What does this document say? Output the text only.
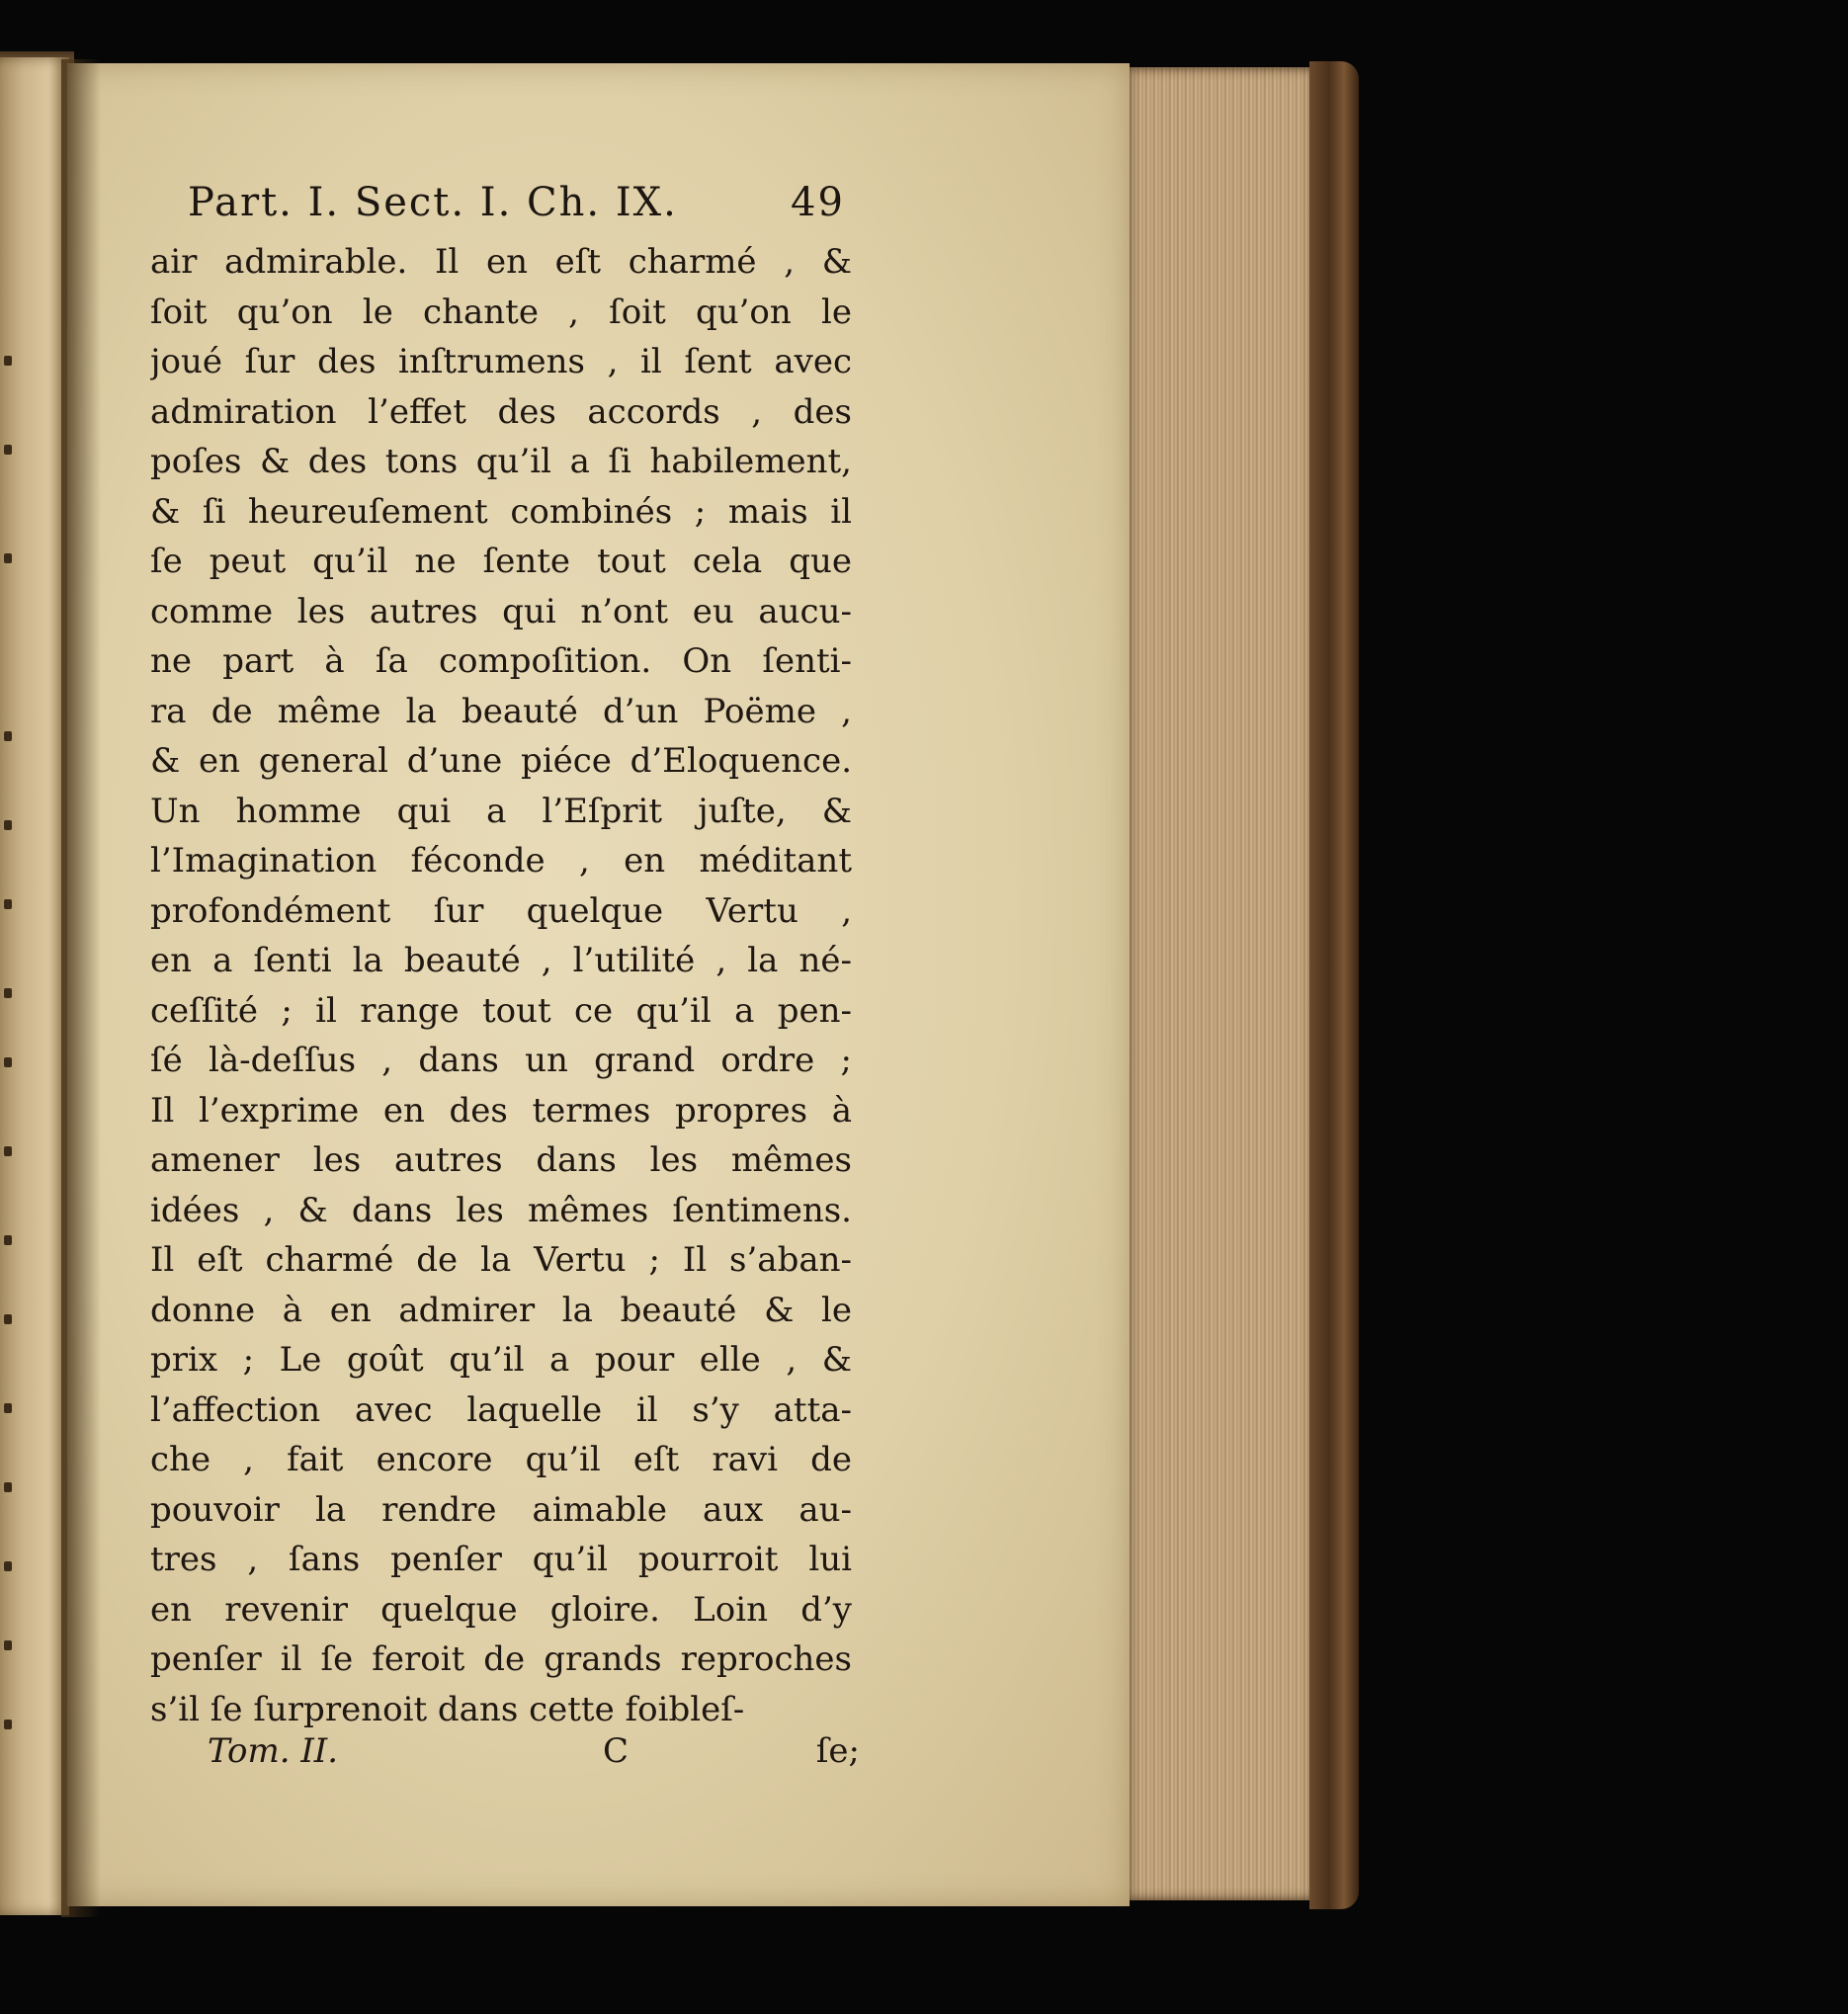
Part. I. Sect. I. Ch. IX.	49
air admirable. Il en eſt charmé , &
ſoit qu’on le chante , ſoit qu’on le
joué ſur des inſtrumens , il ſent avec
admiration l’effet des accords , des
poſes & des tons qu’il a ſi habilement,
& ſi heureuſement combinés ; mais il
ſe peut qu’il ne ſente tout cela que
comme les autres qui n’ont eu aucu-
ne part à ſa compoſition. On ſenti-
ra de même la beauté d’un Poëme ,
& en general d’une piéce d’Eloquence.
Un homme qui a l’Eſprit juſte, &
l’Imagination féconde , en méditant
profondément ſur quelque Vertu ,
en a ſenti la beauté , l’utilité , la né-
ceſſité ; il range tout ce qu’il a pen-
ſé là-deſſus , dans un grand ordre ;
Il l’exprime en des termes propres à
amener les autres dans les mêmes
idées , & dans les mêmes ſentimens.
Il eſt charmé de la Vertu ; Il s’aban-
donne à en admirer la beauté & le
prix ; Le goût qu’il a pour elle , &
l’affection avec laquelle il s’y atta-
che , fait encore qu’il eſt ravi de
pouvoir la rendre aimable aux au-
tres , ſans penſer qu’il pourroit lui
en revenir quelque gloire. Loin d’y
penſer il ſe feroit de grands reproches
s’il ſe ſurprenoit dans cette foibleſ-
Tom. II.	C	ſe;
